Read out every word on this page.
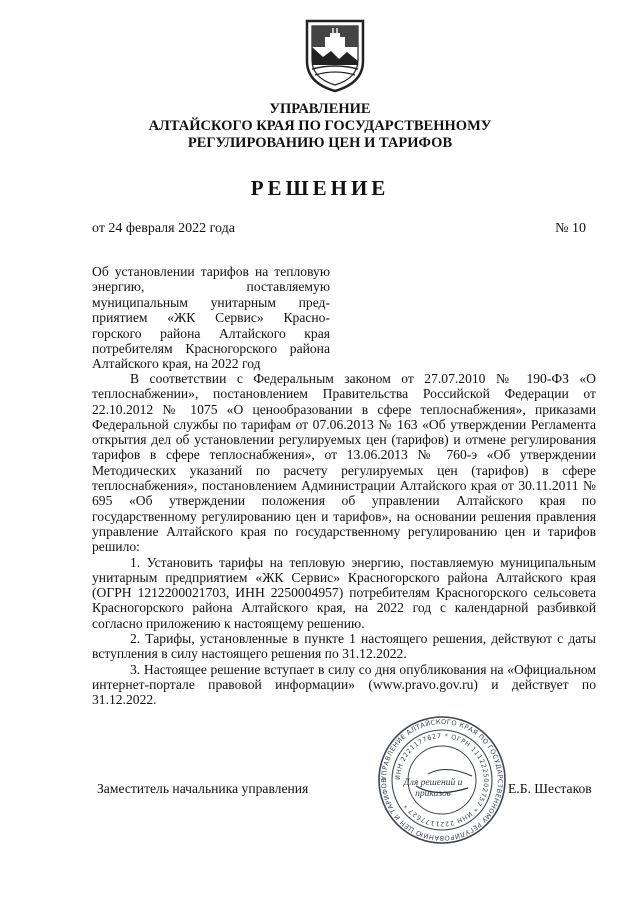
УПРАВЛЕНИЕ
АЛТАЙСКОГО КРАЯ ПО ГОСУДАРСТВЕННОМУ
РЕГУЛИРОВАНИЮ ЦЕН И ТАРИФОВ
РЕШЕНИЕ
от 24 февраля 2022 года	№ 10
Об установлении тарифов на тепловую энергию, поставляемую муниципальным унитарным пред-приятием «ЖК Сервис» Красно-горского района Алтайского края потребителям Красногорского района Алтайского края, на 2022 год

В соответствии с Федеральным законом от 27.07.2010 № 190-ФЗ «О теплоснабжении», постановлением Правительства Российской Федерации от 22.10.2012 № 1075 «О ценообразовании в сфере теплоснабжения», приказами Федеральной службы по тарифам от 07.06.2013 № 163 «Об утверждении Регламента открытия дел об установлении регулируемых цен (тарифов) и отмене регулирования тарифов в сфере теплоснабжения», от 13.06.2013 № 760-э «Об утверждении Методических указаний по расчету регулируемых цен (тарифов) в сфере теплоснабжения», постановлением Администрации Алтайского края от 30.11.2011 № 695 «Об утверждении положения об управлении Алтайского края по государственному регулированию цен и тарифов», на основании решения правления управление Алтайского края по государственному регулированию цен и тарифов решило:

1. Установить тарифы на тепловую энергию, поставляемую муниципальным унитарным предприятием «ЖК Сервис» Красногорского района Алтайского края (ОГРН 1212200021703, ИНН 2250004957) потребителям Красногорского сельсовета Красногорского района Алтайского края, на 2022 год с календарной разбивкой согласно приложению к настоящему решению.

2. Тарифы, установленные в пункте 1 настоящего решения, действуют с даты вступления в силу настоящего решения по 31.12.2022.

3. Настоящее решение вступает в силу со дня опубликования на «Официальном интернет-портале правовой информации» (www.pravo.gov.ru) и действует по 31.12.2022.

Заместитель начальника управления
УПРАВЛЕНИЕ АЛТАЙСКОГО КРАЯ ПО ГОСУДАРСТВЕННОМУ РЕГУЛИРОВАНИЮ ЦЕН И ТАРИФОВ
ИНН 2221177627 * ОГРН 1112225002757 * ИНН 2221177627 *
Для решений и приказов	Е.Б. Шестаков
